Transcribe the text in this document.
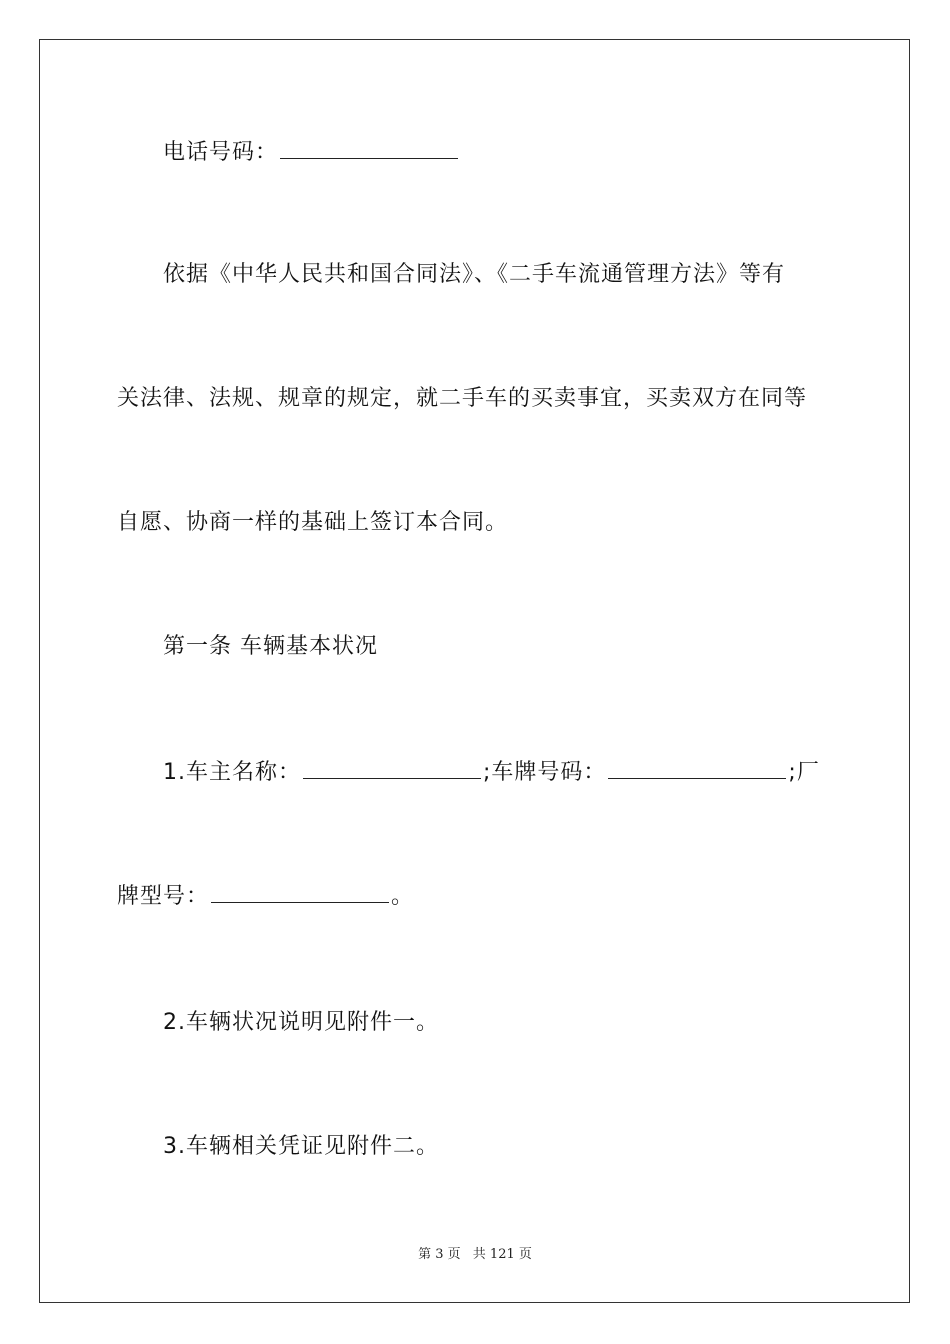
电话号码：
依据《中华人民共和国合同法》、《二手车流通管理方法》等有
关法律、法规、规章的规定，就二手车的买卖事宜，买卖双方在同等
自愿、协商一样的基础上签订本合同。
第一条 车辆基本状况
1.车主名称：	;车牌号码：	;厂
牌型号：	。
2.车辆状况说明见附件一。
3.车辆相关凭证见附件二。
第 3 页 共 121 页
